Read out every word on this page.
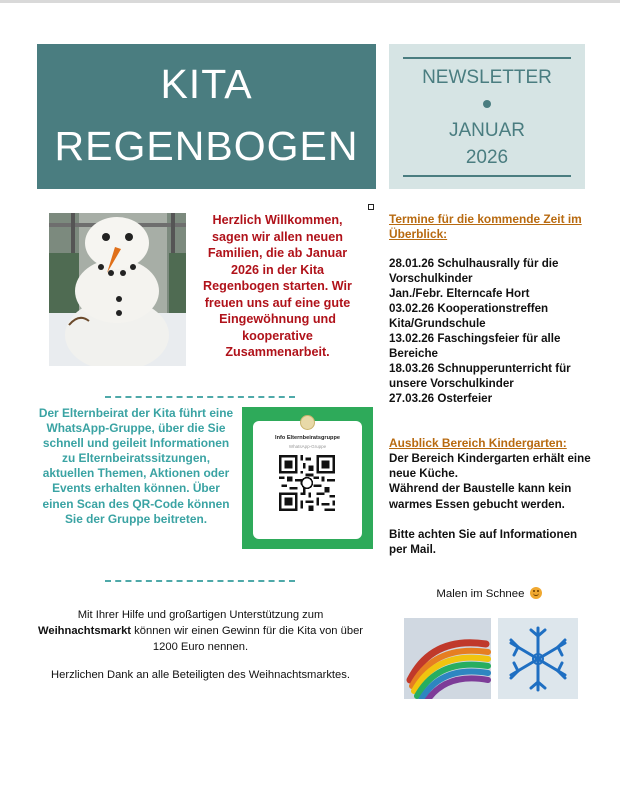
KITA
REGENBOGEN
NEWSLETTER
JANUAR
2026
Herzlich Willkommen, sagen wir allen neuen Familien, die ab Januar 2026 in der Kita Regenbogen starten. Wir freuen uns auf eine gute Eingewöhnung und kooperative Zusammenarbeit.
Der Elternbeirat der Kita führt eine WhatsApp-Gruppe, über die Sie schnell und geileit Informationen zu Elternbeiratssitzungen, aktuellen Themen, Aktionen oder Events erhalten können. Über einen Scan des QR-Code können Sie der Gruppe beitreten.
Info Elternbeiratsgruppe
WhatsApp-Gruppe
Mit Ihrer Hilfe und großartigen Unterstützung zum Weihnachtsmarkt können wir einen Gewinn für die Kita von über 1200 Euro nennen.
Herzlichen Dank an alle Beteiligten des Weihnachtsmarktes.
Termine für die kommende Zeit im Überblick:
28.01.26 Schulhausrally für die Vorschulkinder
Jan./Febr. Elterncafe Hort
03.02.26 Kooperationstreffen Kita/Grundschule
13.02.26 Faschingsfeier für alle Bereiche
18.03.26 Schnupperunterricht für unsere Vorschulkinder
27.03.26 Osterfeier
Ausblick Bereich Kindergarten:
Der Bereich Kindergarten erhält eine neue Küche.
Während der Baustelle kann kein warmes Essen gebucht werden.
Bitte achten Sie auf Informationen per Mail.
Malen im Schnee
